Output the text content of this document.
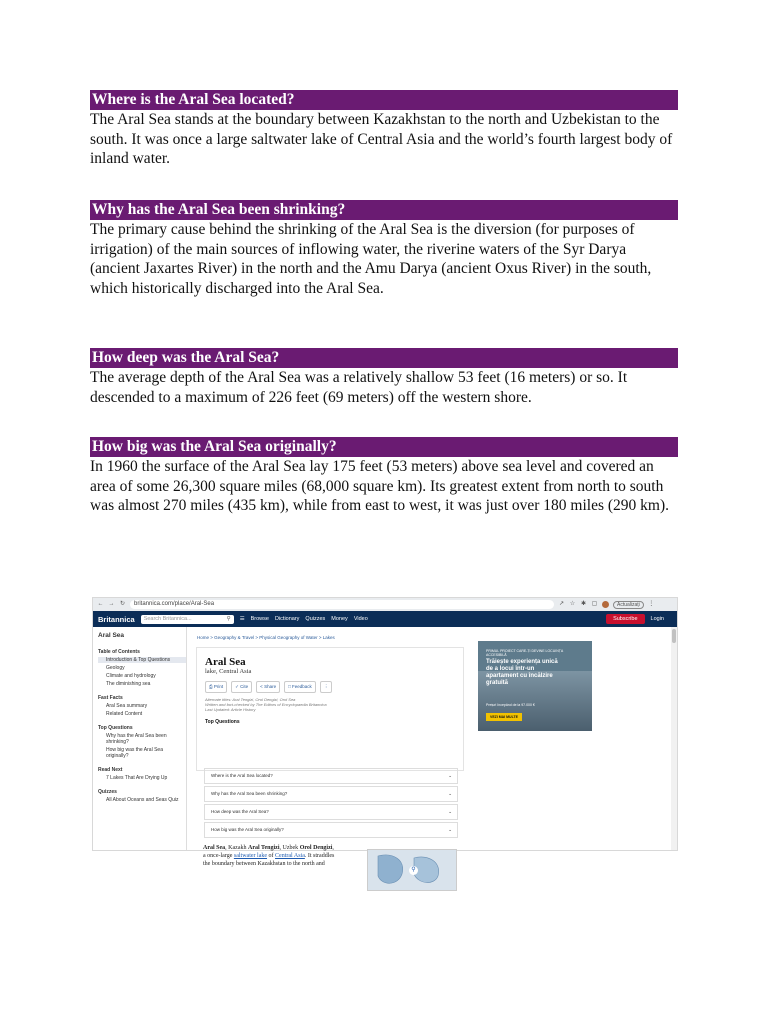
Where is the Aral Sea located?
The Aral Sea stands at the boundary between Kazakhstan to the north and Uzbekistan to the south. It was once a large saltwater lake of Central Asia and the world’s fourth largest body of inland water.
Why has the Aral Sea been shrinking?
The primary cause behind the shrinking of the Aral Sea is the diversion (for purposes of irrigation) of the main sources of inflowing water, the riverine waters of the Syr Darya (ancient Jaxartes River) in the north and the Amu Darya (ancient Oxus River) in the south, which historically discharged into the Aral Sea.
How deep was the Aral Sea?
The average depth of the Aral Sea was a relatively shallow 53 feet (16 meters) or so. It descended to a maximum of 226 feet (69 meters) off the western shore.
How big was the Aral Sea originally?
In 1960 the surface of the Aral Sea lay 175 feet (53 meters) above sea level and covered an area of some 26,300 square miles (68,000 square km). Its greatest extent from north to south was almost 270 miles (435 km), while from east to west, it was just over 180 miles (290 km).
← → ↻	britannica.com/place/Aral-Sea	↗ ☆ ✱ ▢	Actualizați	⋮
Britannica	Search Britannica...	⚲ ☰ Browse Dictionary Quizzes Money Video	Subscribe	Login
Aral Sea
Table of Contents
Introduction & Top Questions
Geology
Climate and hydrology
The diminishing sea
Fast Facts
Aral Sea summary
Related Content
Top Questions
Why has the Aral Sea been shrinking?
How big was the Aral Sea originally?
Read Next
7 Lakes That Are Drying Up
Quizzes
All About Oceans and Seas Quiz
Home > Geography & Travel > Physical Geography of Water > Lakes
Aral Sea
lake, Central Asia
⎙ Print	✓ Cite	< Share	□ Feedback	⋮
Alternate titles: Aral Tengizi, Orol Dengizi, Orol Sea
Written and fact-checked by The Editors of Encyclopaedia Britannica
Last Updated: Article History
Top Questions
Where is the Aral Sea located?	⌄
Why has the Aral Sea been shrinking?	⌄
How deep was the Aral Sea?	⌄
How big was the Aral Sea originally?	⌄
Aral Sea, Kazakh Aral Tengizi, Uzbek Orol Dengizi, a once-large saltwater lake of Central Asia. It straddles the boundary between Kazakhstan to the north and
⚲
PRIMUL PROIECT CARE-ȚI DEVINE LOCUINȚA ACCESIBILĂ
Trăiește experiența unică de a locui într-un apartament cu încălzire gratuită
Prețuri începând de la 97.000 €
VEZI MAI MULTE
